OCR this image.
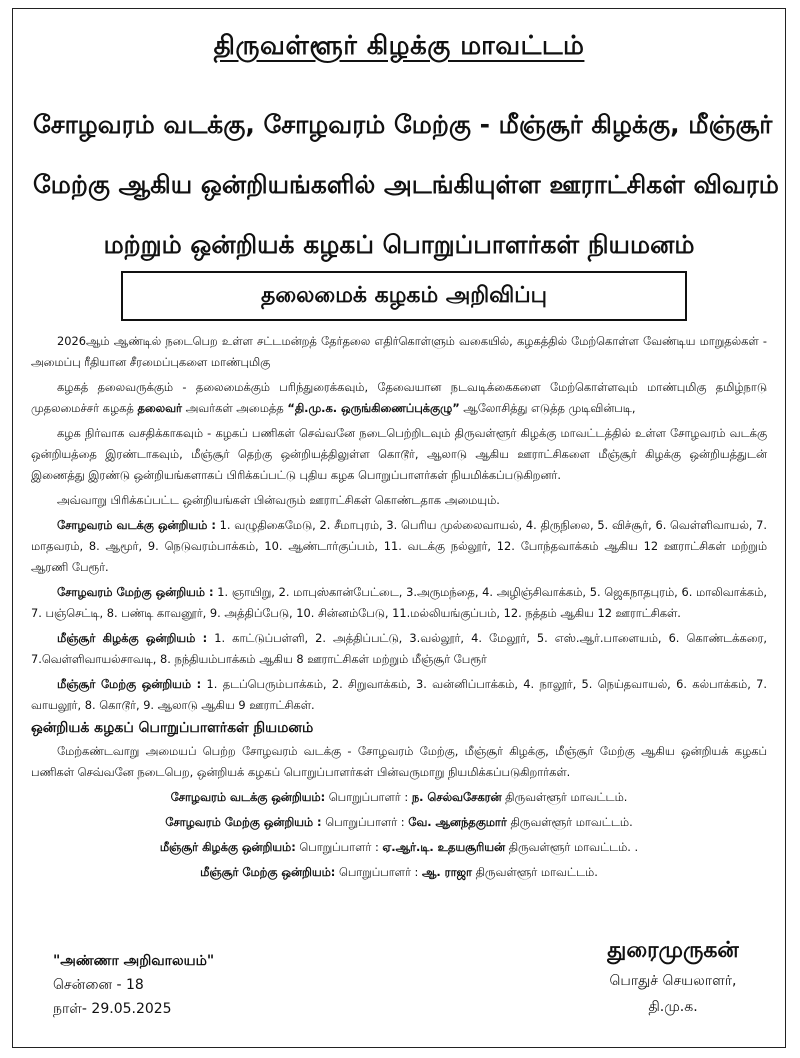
திருவள்ளூர் கிழக்கு மாவட்டம்
சோழவரம் வடக்கு, சோழவரம் மேற்கு - மீஞ்சூர் கிழக்கு, மீஞ்சூர்
மேற்கு ஆகிய ஒன்றியங்களில் அடங்கியுள்ள ஊராட்சிகள் விவரம்
மற்றும் ஒன்றியக் கழகப் பொறுப்பாளர்கள் நியமனம்
தலைமைக் கழகம் அறிவிப்பு

2026ஆம் ஆண்டில் நடைபெற உள்ள சட்டமன்றத் தேர்தலை எதிர்கொள்ளும் வகையில், கழகத்தில் மேற்கொள்ள வேண்டிய மாறுதல்கள் - அமைப்பு ரீதியான சீரமைப்புகளை மாண்புமிகு

கழகத் தலைவருக்கும் - தலைமைக்கும் பரிந்துரைக்கவும், தேவையான நடவடிக்கைகளை மேற்கொள்ளவும் மாண்புமிகு தமிழ்நாடு முதலமைச்சர் கழகத் தலைவர் அவர்கள் அமைத்த “தி.மு.க. ஒருங்கிணைப்புக்குழு” ஆலோசித்து எடுத்த முடிவின்படி,

கழக நிர்வாக வசதிக்காகவும் - கழகப் பணிகள் செவ்வனே நடைபெற்றிடவும் திருவள்ளூர் கிழக்கு மாவட்டத்தில் உள்ள சோழவரம் வடக்கு ஒன்றியத்தை இரண்டாகவும், மீஞ்சூர் தெற்கு ஒன்றியத்திலுள்ள கொடூர், ஆலாடு ஆகிய ஊராட்சிகளை மீஞ்சூர் கிழக்கு ஒன்றியத்துடன் இணைத்து இரண்டு ஒன்றியங்களாகப் பிரிக்கப்பட்டு புதிய கழக பொறுப்பாளர்கள் நியமிக்கப்படுகிறனர்.

அவ்வாறு பிரிக்கப்பட்ட ஒன்றியங்கள் பின்வரும் ஊராட்சிகள் கொண்டதாக அமையும்.

சோழவரம் வடக்கு ஒன்றியம் : 1. வழுதிகைமேடு, 2. சீமாபுரம், 3. பெரிய முல்லைவாயல், 4. திருநிலை, 5. விச்சூர், 6. வெள்ளிவாயல், 7. மாதவரம், 8. ஆமூர், 9. நெடுவரம்பாக்கம், 10. ஆண்டார்குப்பம், 11. வடக்கு நல்லூர், 12. போந்தவாக்கம் ஆகிய 12 ஊராட்சிகள் மற்றும் ஆரணி பேரூர்.

சோழவரம் மேற்கு ஒன்றியம் : 1. ஞாயிறு, 2. மாபுஸ்கான்பேட்டை, 3.அருமந்தை, 4. அழிஞ்சிவாக்கம், 5. ஜெகநாதபுரம், 6. மாலிவாக்கம், 7. பஞ்செட்டி, 8. பண்டி காவனூர், 9. அத்திப்பேடு, 10. சின்னம்பேடு, 11.மல்லியங்குப்பம், 12. நத்தம் ஆகிய 12 ஊராட்சிகள்.

மீஞ்சூர் கிழக்கு ஒன்றியம் : 1. காட்டுப்பள்ளி, 2. அத்திப்பட்டு, 3.வல்லூர், 4. மேலூர், 5. எஸ்.ஆர்.பாளையம், 6. கொண்டக்கரை, 7.வெள்ளிவாயல்சாவடி, 8. நந்தியம்பாக்கம் ஆகிய 8 ஊராட்சிகள் மற்றும் மீஞ்சூர் பேரூர்

மீஞ்சூர் மேற்கு ஒன்றியம் : 1. தடப்பெரும்பாக்கம், 2. சிறுவாக்கம், 3. வன்னிப்பாக்கம், 4. நாலூர், 5. நெய்தவாயல், 6. கல்பாக்கம், 7. வாயலூர், 8. கொடூர், 9. ஆலாடு ஆகிய 9 ஊராட்சிகள்.

ஒன்றியக் கழகப் பொறுப்பாளர்கள் நியமனம்

மேற்கண்டவாறு அமையப் பெற்ற சோழவரம் வடக்கு - சோழவரம் மேற்கு, மீஞ்சூர் கிழக்கு, மீஞ்சூர் மேற்கு ஆகிய ஒன்றியக் கழகப் பணிகள் செவ்வனே நடைபெற, ஒன்றியக் கழகப் பொறுப்பாளர்கள் பின்வருமாறு நியமிக்கப்படுகிறார்கள்.

சோழவரம் வடக்கு ஒன்றியம்: பொறுப்பாளர் : ந. செல்வசேகரன் திருவள்ளூர் மாவட்டம்.

சோழவரம் மேற்கு ஒன்றியம் : பொறுப்பாளர் : வே. ஆனந்தகுமார் திருவள்ளூர் மாவட்டம்.

மீஞ்சூர் கிழக்கு ஒன்றியம்: பொறுப்பாளர் : ஏ.ஆர்.டி. உதயசூரியன் திருவள்ளூர் மாவட்டம். .

மீஞ்சூர் மேற்கு ஒன்றியம்: பொறுப்பாளர் : ஆ. ராஜா திருவள்ளூர் மாவட்டம்.

"அண்ணா அறிவாலயம்"
சென்னை - 18
நாள்- 29.05.2025
துரைமுருகன்
பொதுச் செயலாளர்,
தி.மு.க.
